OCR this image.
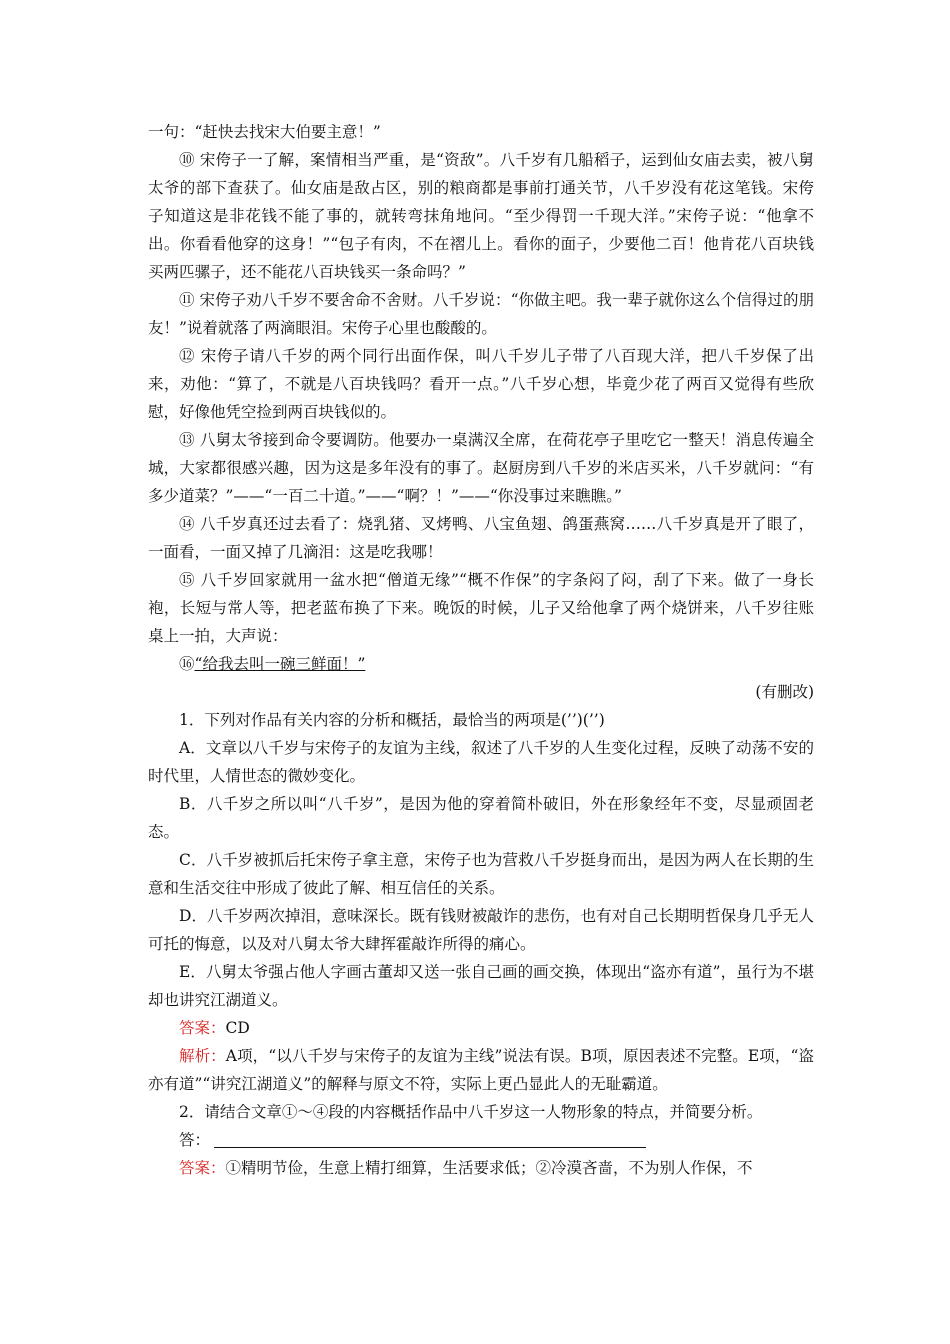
一句：“赶快去找宋大伯要主意！”

⑩ 宋侉子一了解，案情相当严重，是“资敌”。八千岁有几船稻子，运到仙女庙去卖，被八舅太爷的部下查获了。仙女庙是敌占区，别的粮商都是事前打通关节，八千岁没有花这笔钱。宋侉子知道这是非花钱不能了事的，就转弯抹角地问。“至少得罚一千现大洋。”宋侉子说：“他拿不出。你看看他穿的这身！”“包子有肉，不在褶儿上。看你的面子，少要他二百！他肯花八百块钱买两匹骡子，还不能花八百块钱买一条命吗？”

⑪ 宋侉子劝八千岁不要舍命不舍财。八千岁说：“你做主吧。我一辈子就你这么个信得过的朋友！”说着就落了两滴眼泪。宋侉子心里也酸酸的。

⑫ 宋侉子请八千岁的两个同行出面作保，叫八千岁儿子带了八百现大洋，把八千岁保了出来，劝他：“算了，不就是八百块钱吗？看开一点。”八千岁心想，毕竟少花了两百又觉得有些欣慰，好像他凭空捡到两百块钱似的。

⑬ 八舅太爷接到命令要调防。他要办一桌满汉全席，在荷花亭子里吃它一整天！消息传遍全城，大家都很感兴趣，因为这是多年没有的事了。赵厨房到八千岁的米店买米，八千岁就问：“有多少道菜？”——“一百二十道。”——“啊？！”——“你没事过来瞧瞧。”

⑭ 八千岁真还过去看了：烧乳猪、叉烤鸭、八宝鱼翅、鸽蛋燕窝……八千岁真是开了眼了，一面看，一面又掉了几滴泪：这是吃我哪！

⑮ 八千岁回家就用一盆水把“僧道无缘”“概不作保”的字条闷了闷，刮了下来。做了一身长袍，长短与常人等，把老蓝布换了下来。晚饭的时候，儿子又给他拿了两个烧饼来，八千岁往账桌上一拍，大声说：

⑯“给我去叫一碗三鲜面！”

(有删改)

1．下列对作品有关内容的分析和概括，最恰当的两项是(’’)(’’)

A．文章以八千岁与宋侉子的友谊为主线，叙述了八千岁的人生变化过程，反映了动荡不安的时代里，人情世态的微妙变化。

B．八千岁之所以叫“八千岁”，是因为他的穿着简朴破旧，外在形象经年不变，尽显顽固老态。

C．八千岁被抓后托宋侉子拿主意，宋侉子也为营救八千岁挺身而出，是因为两人在长期的生意和生活交往中形成了彼此了解、相互信任的关系。

D．八千岁两次掉泪，意味深长。既有钱财被敲诈的悲伤，也有对自己长期明哲保身几乎无人可托的悔意，以及对八舅太爷大肆挥霍敲诈所得的痛心。

E．八舅太爷强占他人字画古董却又送一张自己画的画交换，体现出“盗亦有道”，虽行为不堪却也讲究江湖道义。

答案：CD

解析：A项，“以八千岁与宋侉子的友谊为主线”说法有误。B项，原因表述不完整。E项，“盗亦有道”“讲究江湖道义”的解释与原文不符，实际上更凸显此人的无耻霸道。

2．请结合文章①～④段的内容概括作品中八千岁这一人物形象的特点，并简要分析。

答：

答案：①精明节俭，生意上精打细算，生活要求低；②冷漠吝啬，不为别人作保，不
